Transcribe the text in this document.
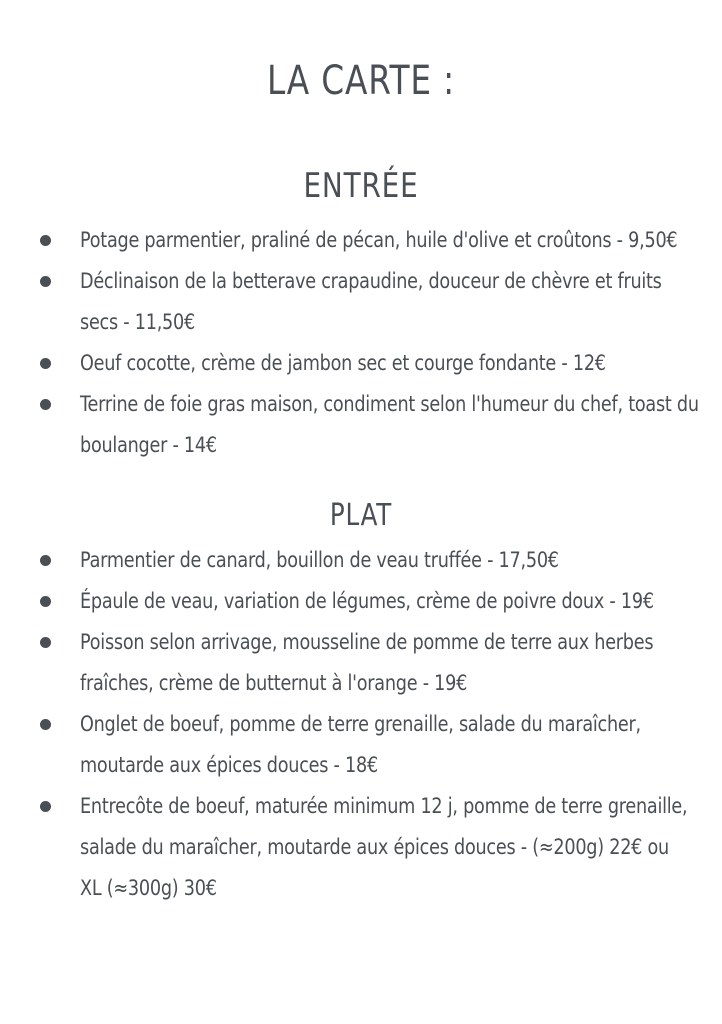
LA CARTE :
ENTRÉE
Potage parmentier, praliné de pécan, huile d'olive et croûtons - 9,50€
Déclinaison de la betterave crapaudine, douceur de chèvre et fruits secs - 11,50€
Oeuf cocotte, crème de jambon sec et courge fondante - 12€
Terrine de foie gras maison, condiment selon l'humeur du chef, toast du boulanger - 14€
PLAT
Parmentier de canard, bouillon de veau truffée - 17,50€
Épaule de veau, variation de légumes, crème de poivre doux - 19€
Poisson selon arrivage, mousseline de pomme de terre aux herbes fraîches, crème de butternut à l'orange - 19€
Onglet de boeuf, pomme de terre grenaille, salade du maraîcher, moutarde aux épices douces - 18€
Entrecôte de boeuf, maturée minimum 12 j, pomme de terre grenaille, salade du maraîcher, moutarde aux épices douces - (≈200g) 22€ ou XL (≈300g) 30€
